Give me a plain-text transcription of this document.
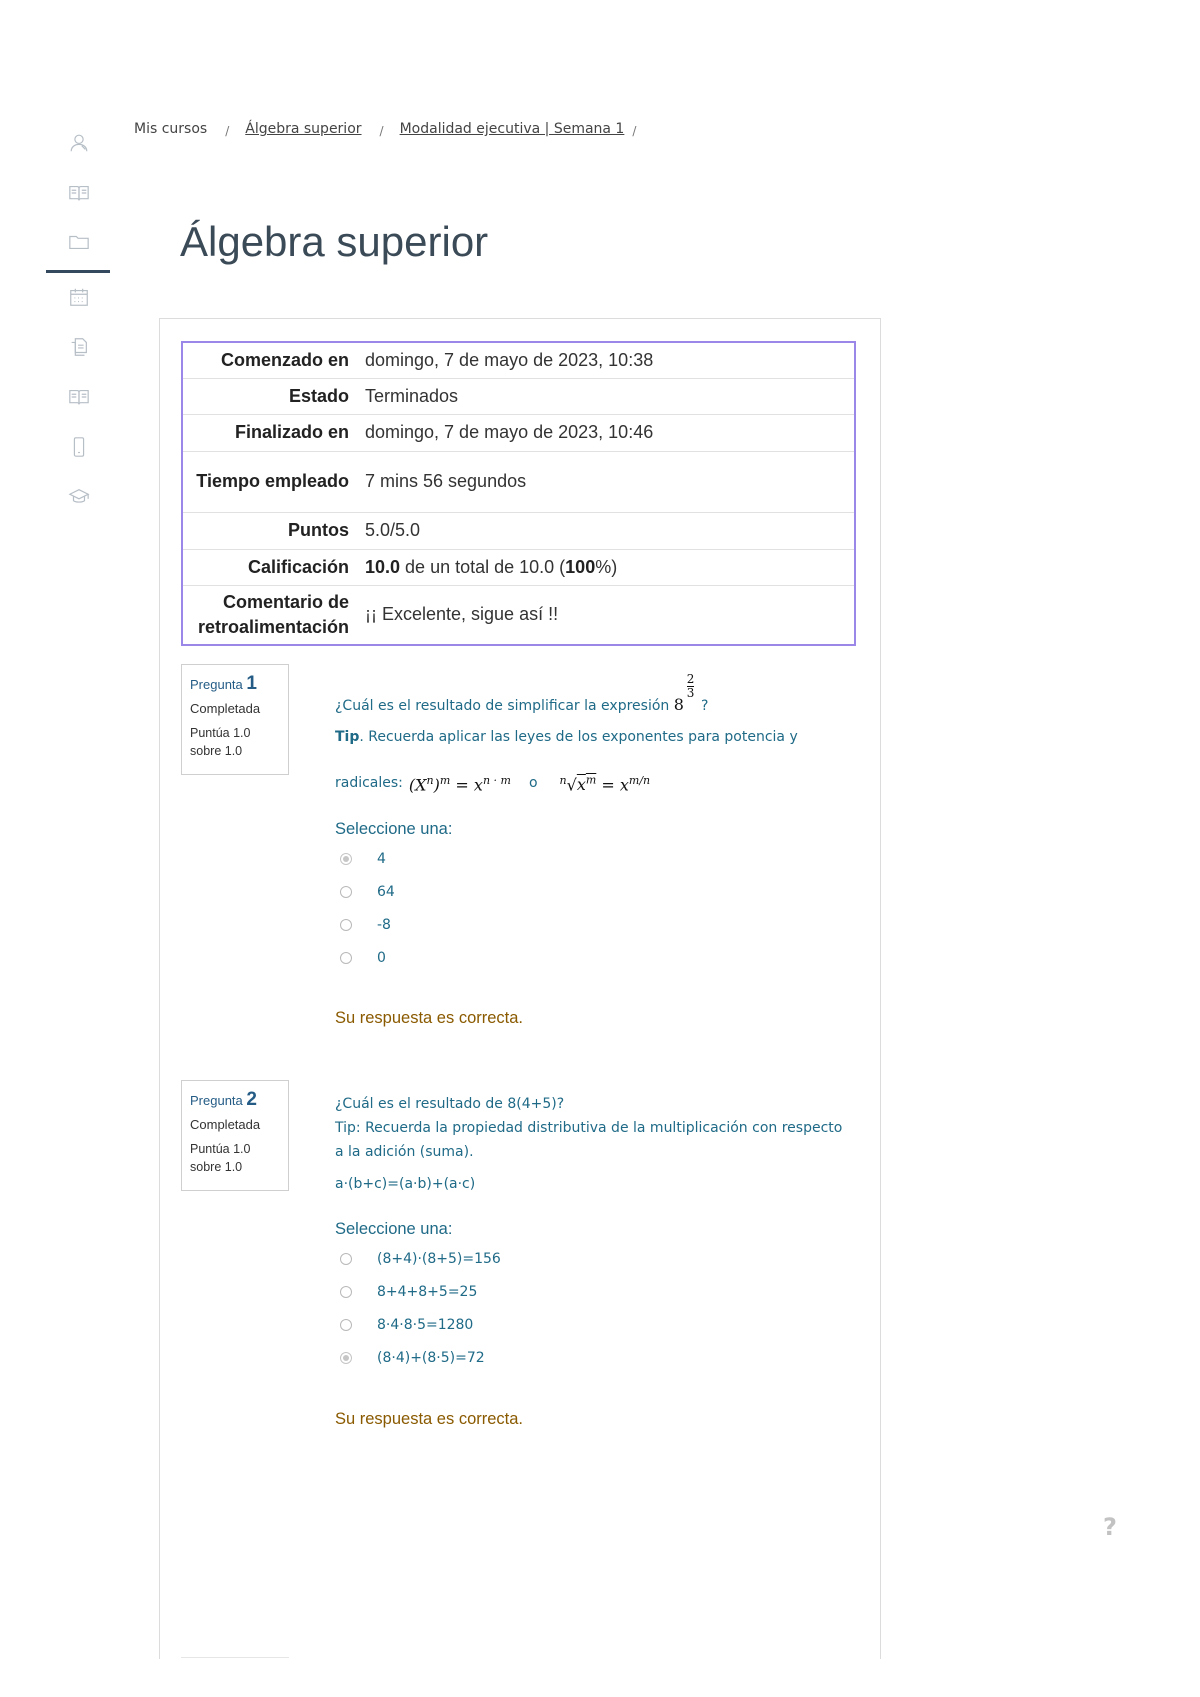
Mis cursos / Álgebra superior / Modalidad ejecutiva | Semana 1 /
Álgebra superior
Comenzado en	domingo, 7 de mayo de 2023, 10:38
Estado	Terminados
Finalizado en	domingo, 7 de mayo de 2023, 10:46
Tiempo empleado	7 mins 56 segundos
Puntos	5.0/5.0
Calificación	10.0 de un total de 10.0 (100%)
Comentario de retroalimentación	¡¡ Excelente, sigue así !!
Pregunta 1
Completada
Puntúa 1.0 sobre 1.0
¿Cuál es el resultado de simplificar la expresión 8
$\frac{2}{3}$
?
Tip. Recuerda aplicar las leyes de los exponentes para potencia y
radicales: $(X^n)^m = x^{n \cdot m}$ o $^n√x^m = x^{m/n}$
Seleccione una:
4
64
-8
0
Su respuesta es correcta.
Pregunta 2
Completada
Puntúa 1.0 sobre 1.0
¿Cuál es el resultado de 8(4+5)?
Tip: Recuerda la propiedad distributiva de la multiplicación con respecto a la adición (suma).
a·(b+c)=(a·b)+(a·c)
Seleccione una:
(8+4)·(8+5)=156
8+4+8+5=25
8·4·8·5=1280
(8·4)+(8·5)=72
Su respuesta es correcta.
?
